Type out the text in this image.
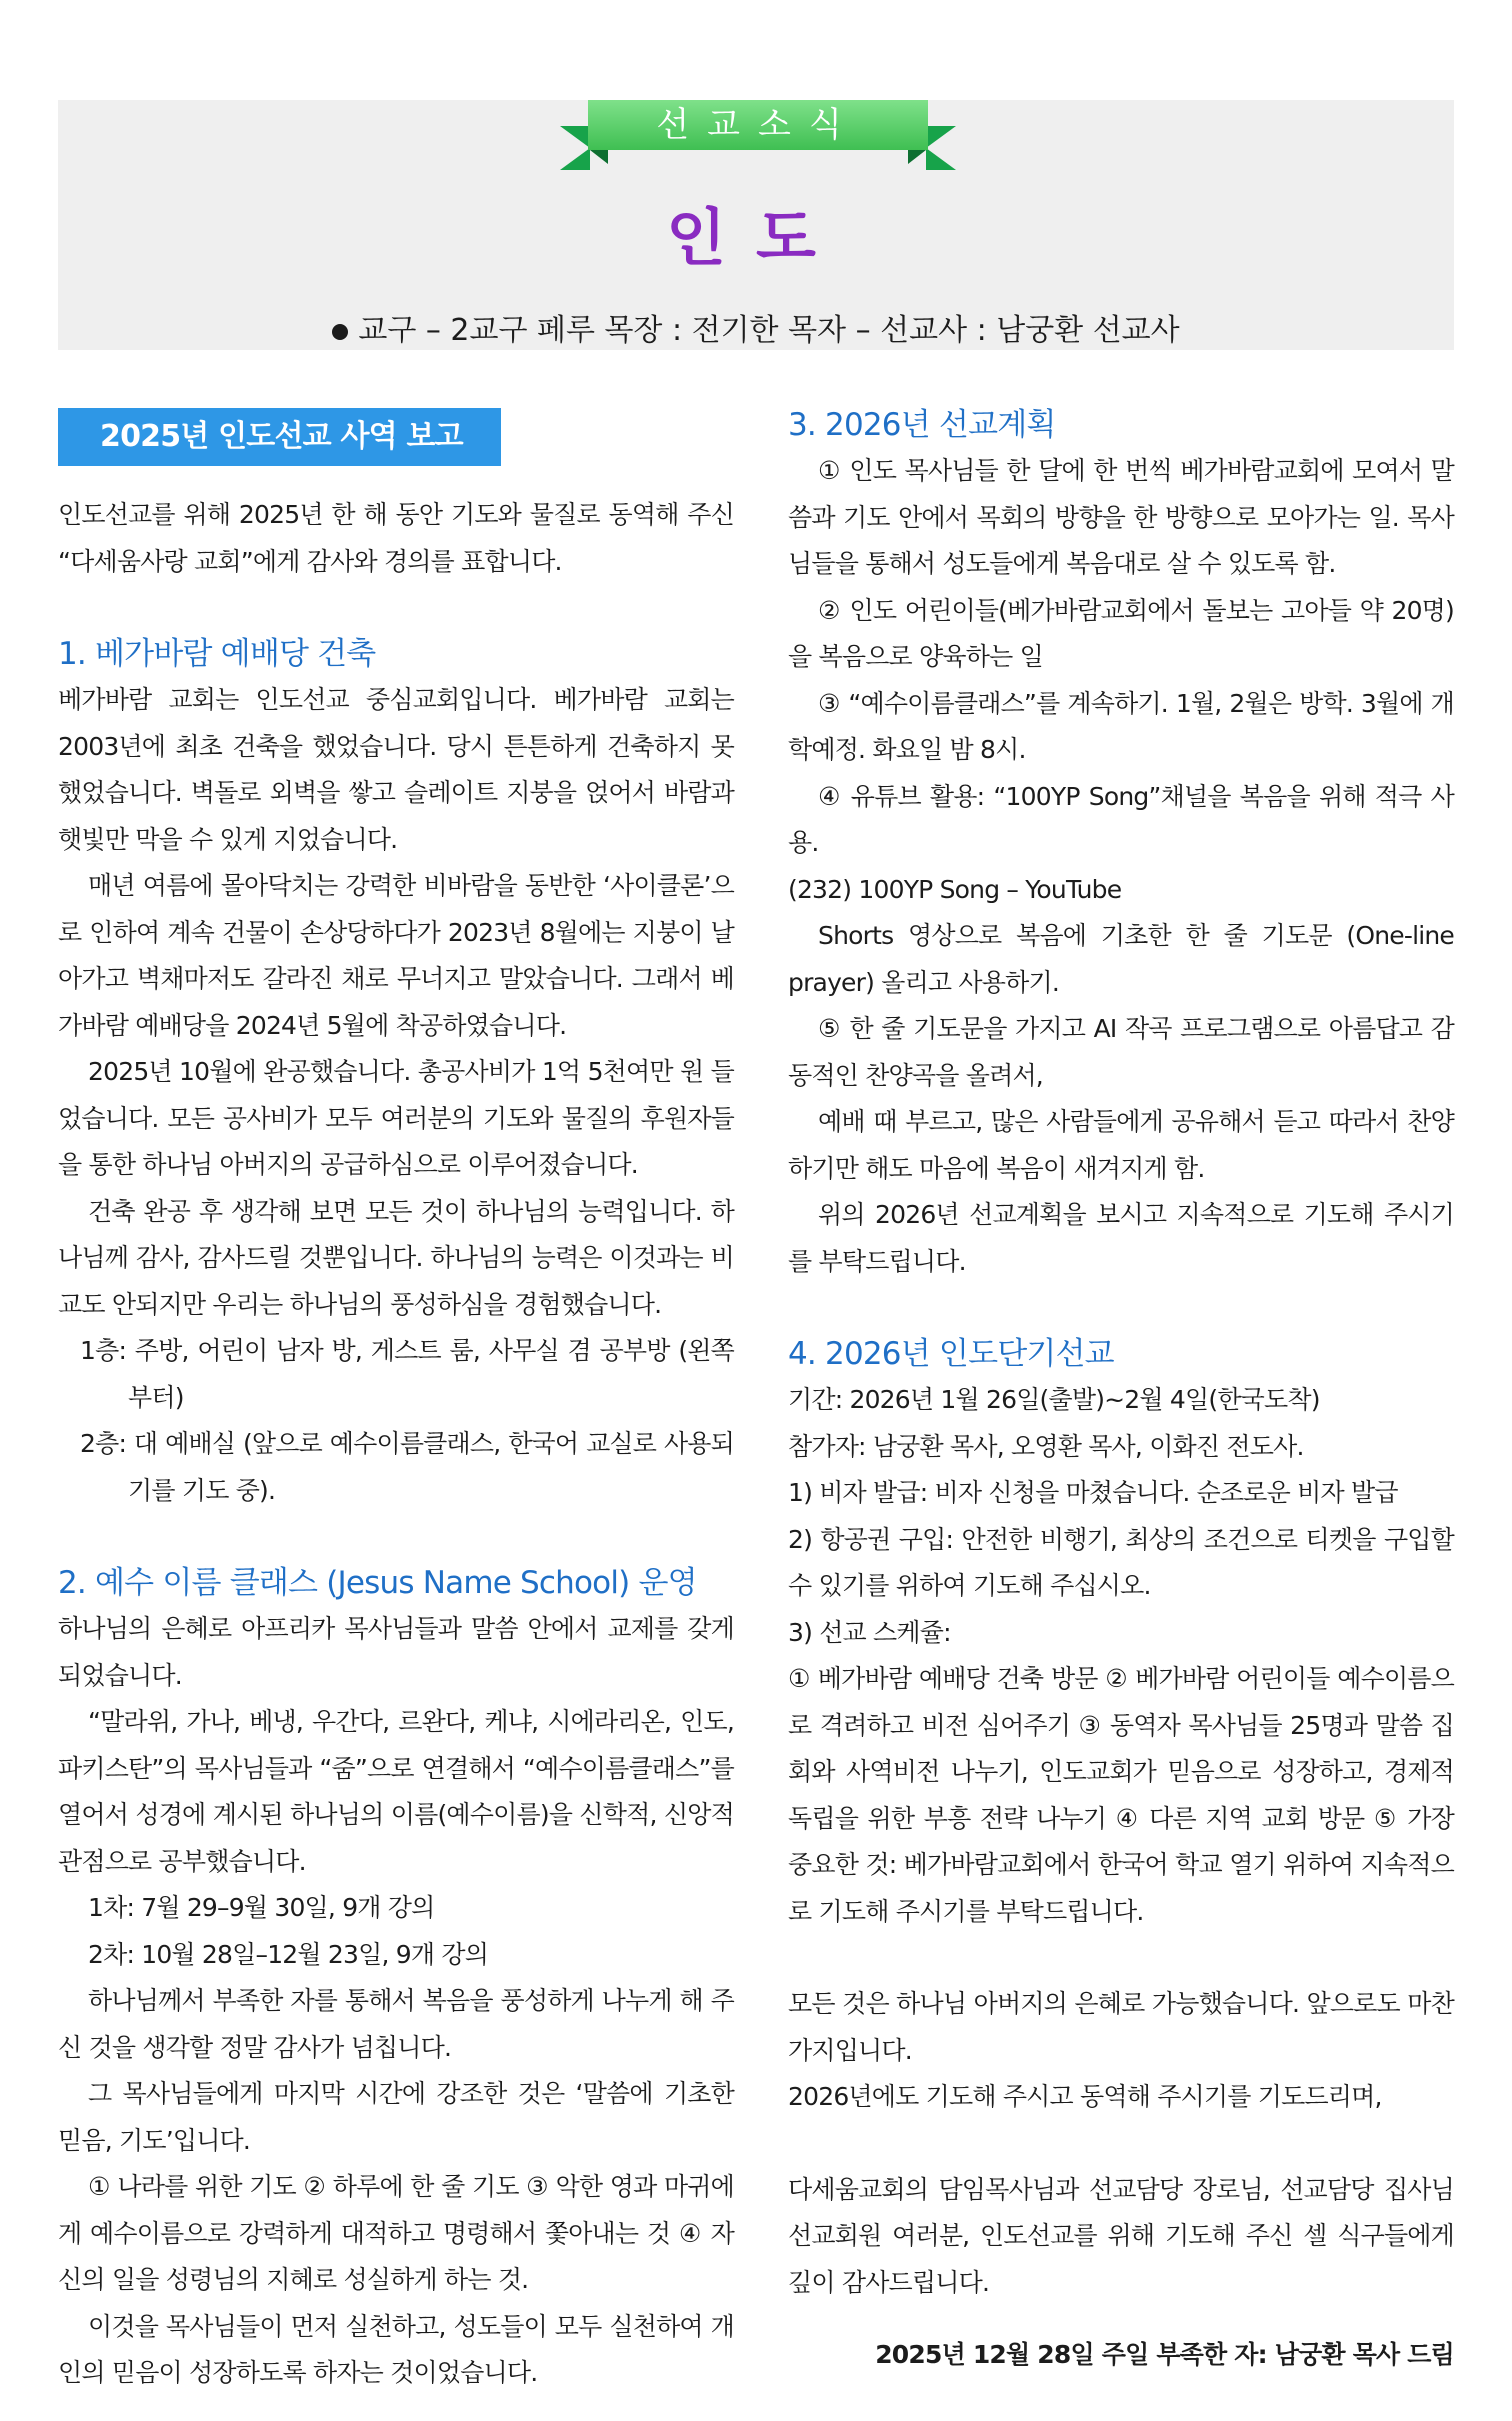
선교소식
인도
교구 – 2교구 페루 목장 : 전기한 목자 – 선교사 : 남궁환 선교사
2025년 인도선교 사역 보고

인도선교를 위해 2025년 한 해 동안 기도와 물질로 동역해 주신 “다세움사랑 교회”에게 감사와 경의를 표합니다.

1. 베가바람 예배당 건축

베가바람 교회는 인도선교 중심교회입니다. 베가바람 교회는 2003년에 최초 건축을 했었습니다. 당시 튼튼하게 건축하지 못했었습니다. 벽돌로 외벽을 쌓고 슬레이트 지붕을 얹어서 바람과 햇빛만 막을 수 있게 지었습니다.

매년 여름에 몰아닥치는 강력한 비바람을 동반한 ‘사이클론’으로 인하여 계속 건물이 손상당하다가 2023년 8월에는 지붕이 날아가고 벽채마저도 갈라진 채로 무너지고 말았습니다. 그래서 베가바람 예배당을 2024년 5월에 착공하였습니다.

2025년 10월에 완공했습니다. 총공사비가 1억 5천여만 원 들었습니다. 모든 공사비가 모두 여러분의 기도와 물질의 후원자들을 통한 하나님 아버지의 공급하심으로 이루어졌습니다.

건축 완공 후 생각해 보면 모든 것이 하나님의 능력입니다. 하나님께 감사, 감사드릴 것뿐입니다. 하나님의 능력은 이것과는 비교도 안되지만 우리는 하나님의 풍성하심을 경험했습니다.

1층: 주방, 어린이 남자 방, 게스트 룸, 사무실 겸 공부방 (왼쪽부터)

2층: 대 예배실 (앞으로 예수이름클래스, 한국어 교실로 사용되기를 기도 중).

2. 예수 이름 클래스 (Jesus Name School) 운영

하나님의 은혜로 아프리카 목사님들과 말씀 안에서 교제를 갖게 되었습니다.

“말라위, 가나, 베냉, 우간다, 르완다, 케냐, 시에라리온, 인도, 파키스탄”의 목사님들과 “줌”으로 연결해서 “예수이름클래스”를 열어서 성경에 계시된 하나님의 이름(예수이름)을 신학적, 신앙적 관점으로 공부했습니다.

1차: 7월 29–9월 30일, 9개 강의

2차: 10월 28일–12월 23일, 9개 강의

하나님께서 부족한 자를 통해서 복음을 풍성하게 나누게 해 주신 것을 생각할 정말 감사가 넘칩니다.

그 목사님들에게 마지막 시간에 강조한 것은 ‘말씀에 기초한 믿음, 기도’입니다.

① 나라를 위한 기도 ② 하루에 한 줄 기도 ③ 악한 영과 마귀에게 예수이름으로 강력하게 대적하고 명령해서 쫓아내는 것 ④ 자신의 일을 성령님의 지혜로 성실하게 하는 것.

이것을 목사님들이 먼저 실천하고, 성도들이 모두 실천하여 개인의 믿음이 성장하도록 하자는 것이었습니다.

3. 2026년 선교계획

① 인도 목사님들 한 달에 한 번씩 베가바람교회에 모여서 말씀과 기도 안에서 목회의 방향을 한 방향으로 모아가는 일. 목사님들을 통해서 성도들에게 복음대로 살 수 있도록 함.

② 인도 어린이들(베가바람교회에서 돌보는 고아들 약 20명)을 복음으로 양육하는 일

③ “예수이름클래스”를 계속하기. 1월, 2월은 방학. 3월에 개학예정. 화요일 밤 8시.

④ 유튜브 활용: “100YP Song”채널을 복음을 위해 적극 사용.

(232) 100YP Song – YouTube

Shorts 영상으로 복음에 기초한 한 줄 기도문 (One-line prayer) 올리고 사용하기.

⑤ 한 줄 기도문을 가지고 AI 작곡 프로그램으로 아름답고 감동적인 찬양곡을 올려서,

예배 때 부르고, 많은 사람들에게 공유해서 듣고 따라서 찬양하기만 해도 마음에 복음이 새겨지게 함.

위의 2026년 선교계획을 보시고 지속적으로 기도해 주시기를 부탁드립니다.

4. 2026년 인도단기선교

기간: 2026년 1월 26일(출발)~2월 4일(한국도착)

참가자: 남궁환 목사, 오영환 목사, 이화진 전도사.

1) 비자 발급: 비자 신청을 마쳤습니다. 순조로운 비자 발급

2) 항공권 구입: 안전한 비행기, 최상의 조건으로 티켓을 구입할 수 있기를 위하여 기도해 주십시오.

3) 선교 스케쥴:

① 베가바람 예배당 건축 방문 ② 베가바람 어린이들 예수이름으로 격려하고 비전 심어주기 ③ 동역자 목사님들 25명과 말씀 집회와 사역비전 나누기, 인도교회가 믿음으로 성장하고, 경제적 독립을 위한 부흥 전략 나누기 ④ 다른 지역 교회 방문 ⑤ 가장 중요한 것: 베가바람교회에서 한국어 학교 열기 위하여 지속적으로 기도해 주시기를 부탁드립니다.

모든 것은 하나님 아버지의 은혜로 가능했습니다. 앞으로도 마찬가지입니다.

2026년에도 기도해 주시고 동역해 주시기를 기도드리며,

다세움교회의 담임목사님과 선교담당 장로님, 선교담당 집사님 선교회원 여러분, 인도선교를 위해 기도해 주신 셀 식구들에게 깊이 감사드립니다.

2025년 12월 28일 주일 부족한 자: 남궁환 목사 드림
